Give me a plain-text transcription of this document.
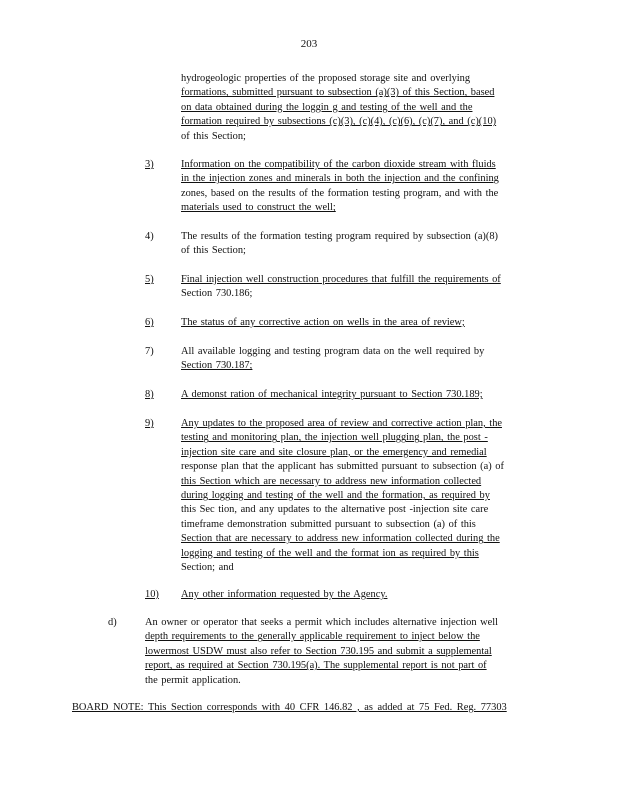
203
hydrogeologic properties of the proposed storage site and overlying
formations, submitted pursuant to subsection (a)(3) of this Section, based
on data obtained during the loggin g and testing of the well and the
formation required by subsections (c)(3), (c)(4), (c)(6), (c)(7), and (c)(10)
of this Section;
3)	Information on the compatibility of the carbon dioxide stream with fluids
in the injection zones and minerals in both the injection and the confining
zones, based on the results of the formation testing program, and with the
materials used to construct the well;
4)	The results of the formation testing program required by subsection (a)(8)
of this Section;
5)	Final injection well construction procedures that fulfill the requirements of
Section 730.186;
6)	The status of any corrective action on wells in the area of review;
7)	All available logging and testing program data on the well required by
Section 730.187;
8)	A demonst ration of mechanical integrity pursuant to Section 730.189;
9)	Any updates to the proposed area of review and corrective action plan, the
testing and monitoring plan, the injection well plugging plan, the post -
injection site care and site closure plan, or the emergency and remedial
response plan that the applicant has submitted pursuant to subsection (a) of
this Section which are necessary to address new information collected
during logging and testing of the well and the formation, as required by
this Sec tion, and any updates to the alternative post -injection site care
timeframe demonstration submitted pursuant to subsection (a) of this
Section that are necessary to address new information collected during the
logging and testing of the well and the format ion as required by this
Section; and
10) Any other information requested by the Agency.
d)	An owner or operator that seeks a permit which includes alternative injection well
depth requirements to the generally applicable requirement to inject below the
lowermost USDW must also refer to Section 730.195 and submit a supplemental
report, as required at Section 730.195(a). The supplemental report is not part of
the permit application.
BOARD NOTE: This Section corresponds with 40 CFR 146.82 , as added at 75 Fed. Reg. 77303
